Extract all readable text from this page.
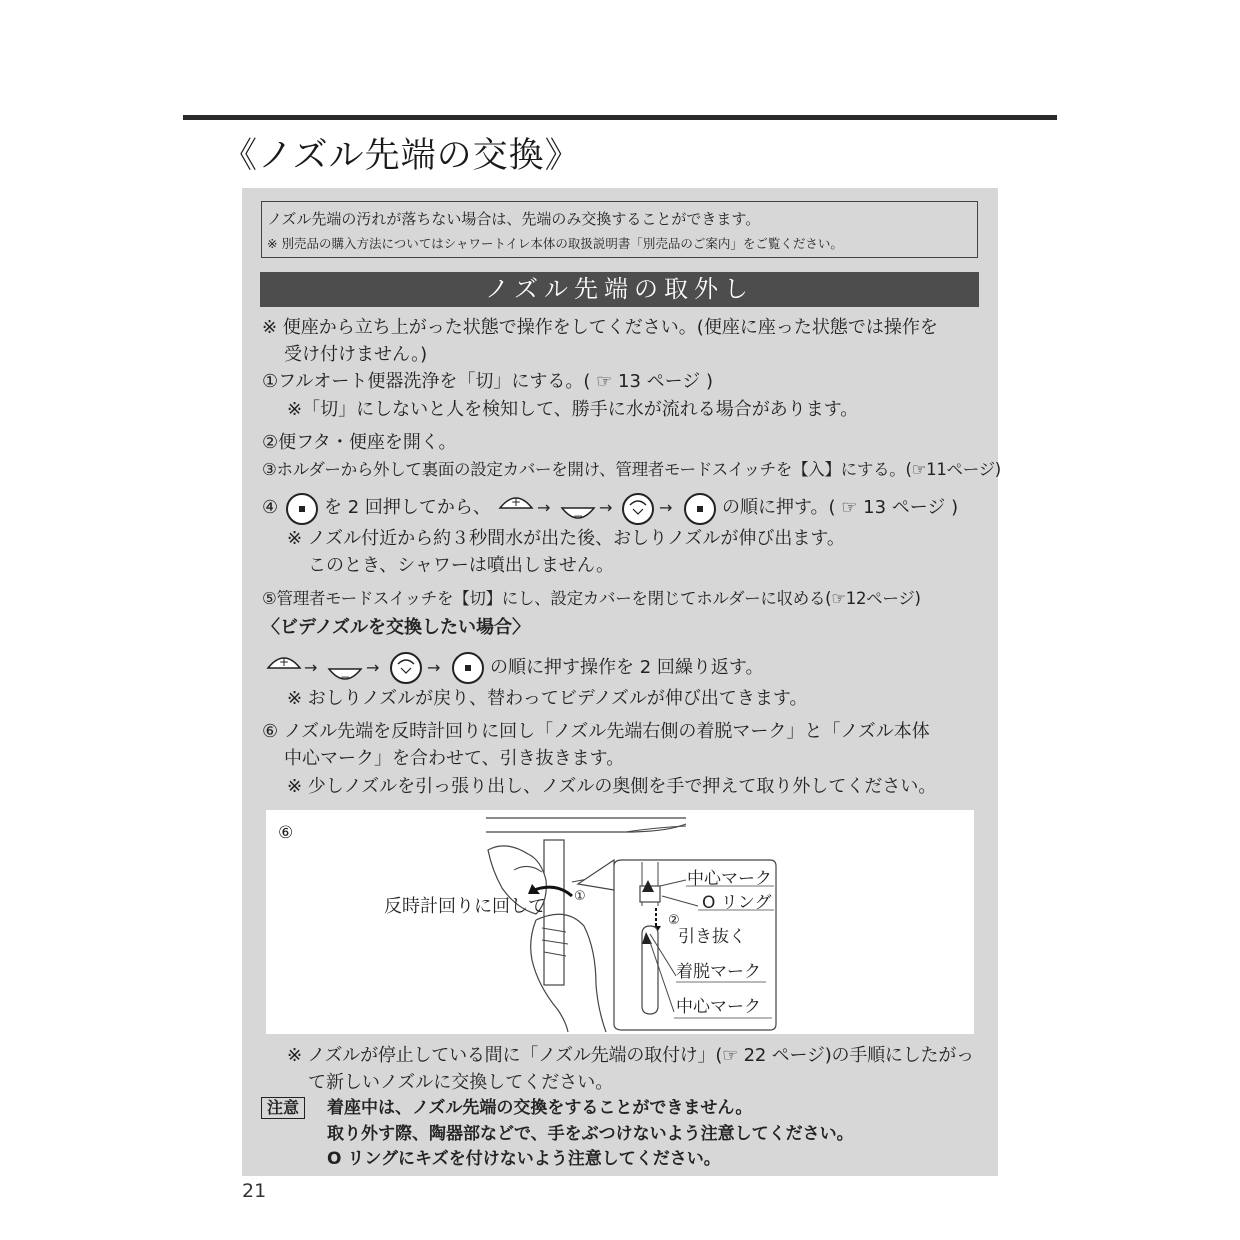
《ノズル先端の交換》
ノズル先端の汚れが落ちない場合は、先端のみ交換することができます。
※ 別売品の購入方法についてはシャワートイレ本体の取扱説明書「別売品のご案内」をご覧ください。
ノズル先端の取外し
※ 便座から立ち上がった状態で操作をしてください。(便座に座った状態では操作を
受け付けません。)
①フルオート便器洗浄を「切」にする。( ☞ 13 ページ )
※「切」にしないと人を検知して、勝手に水が流れる場合があります。
②便フタ・便座を開く。
③ホルダーから外して裏面の設定カバーを開け、管理者モードスイッチを【入】にする。(☞11ページ)
④	を 2 回押してから、 + → − →	→	の順に押す。( ☞ 13 ページ )
※ ノズル付近から約３秒間水が出た後、おしりノズルが伸び出ます。
このとき、シャワーは噴出しません。
⑤管理者モードスイッチを【切】にし、設定カバーを閉じてホルダーに収める(☞12ページ)
〈ビデノズルを交換したい場合〉
+ → − →	→	の順に押す操作を 2 回繰り返す。
※ おしりノズルが戻り、替わってビデノズルが伸び出てきます。
⑥ ノズル先端を反時計回りに回し「ノズル先端右側の着脱マーク」と「ノズル本体
中心マーク」を合わせて、引き抜きます。
※ 少しノズルを引っ張り出し、ノズルの奥側を手で押えて取り外してください。
⑥
反時計回りに回して ①
②
中心マーク
O リング
引き抜く
着脱マーク
中心マーク
※ ノズルが停止している間に「ノズル先端の取付け」(☞ 22 ページ)の手順にしたがっ
て新しいノズルに交換してください。
注意	着座中は、ノズル先端の交換をすることができません。
取り外す際、陶器部などで、手をぶつけないよう注意してください。
O リングにキズを付けないよう注意してください。
21
